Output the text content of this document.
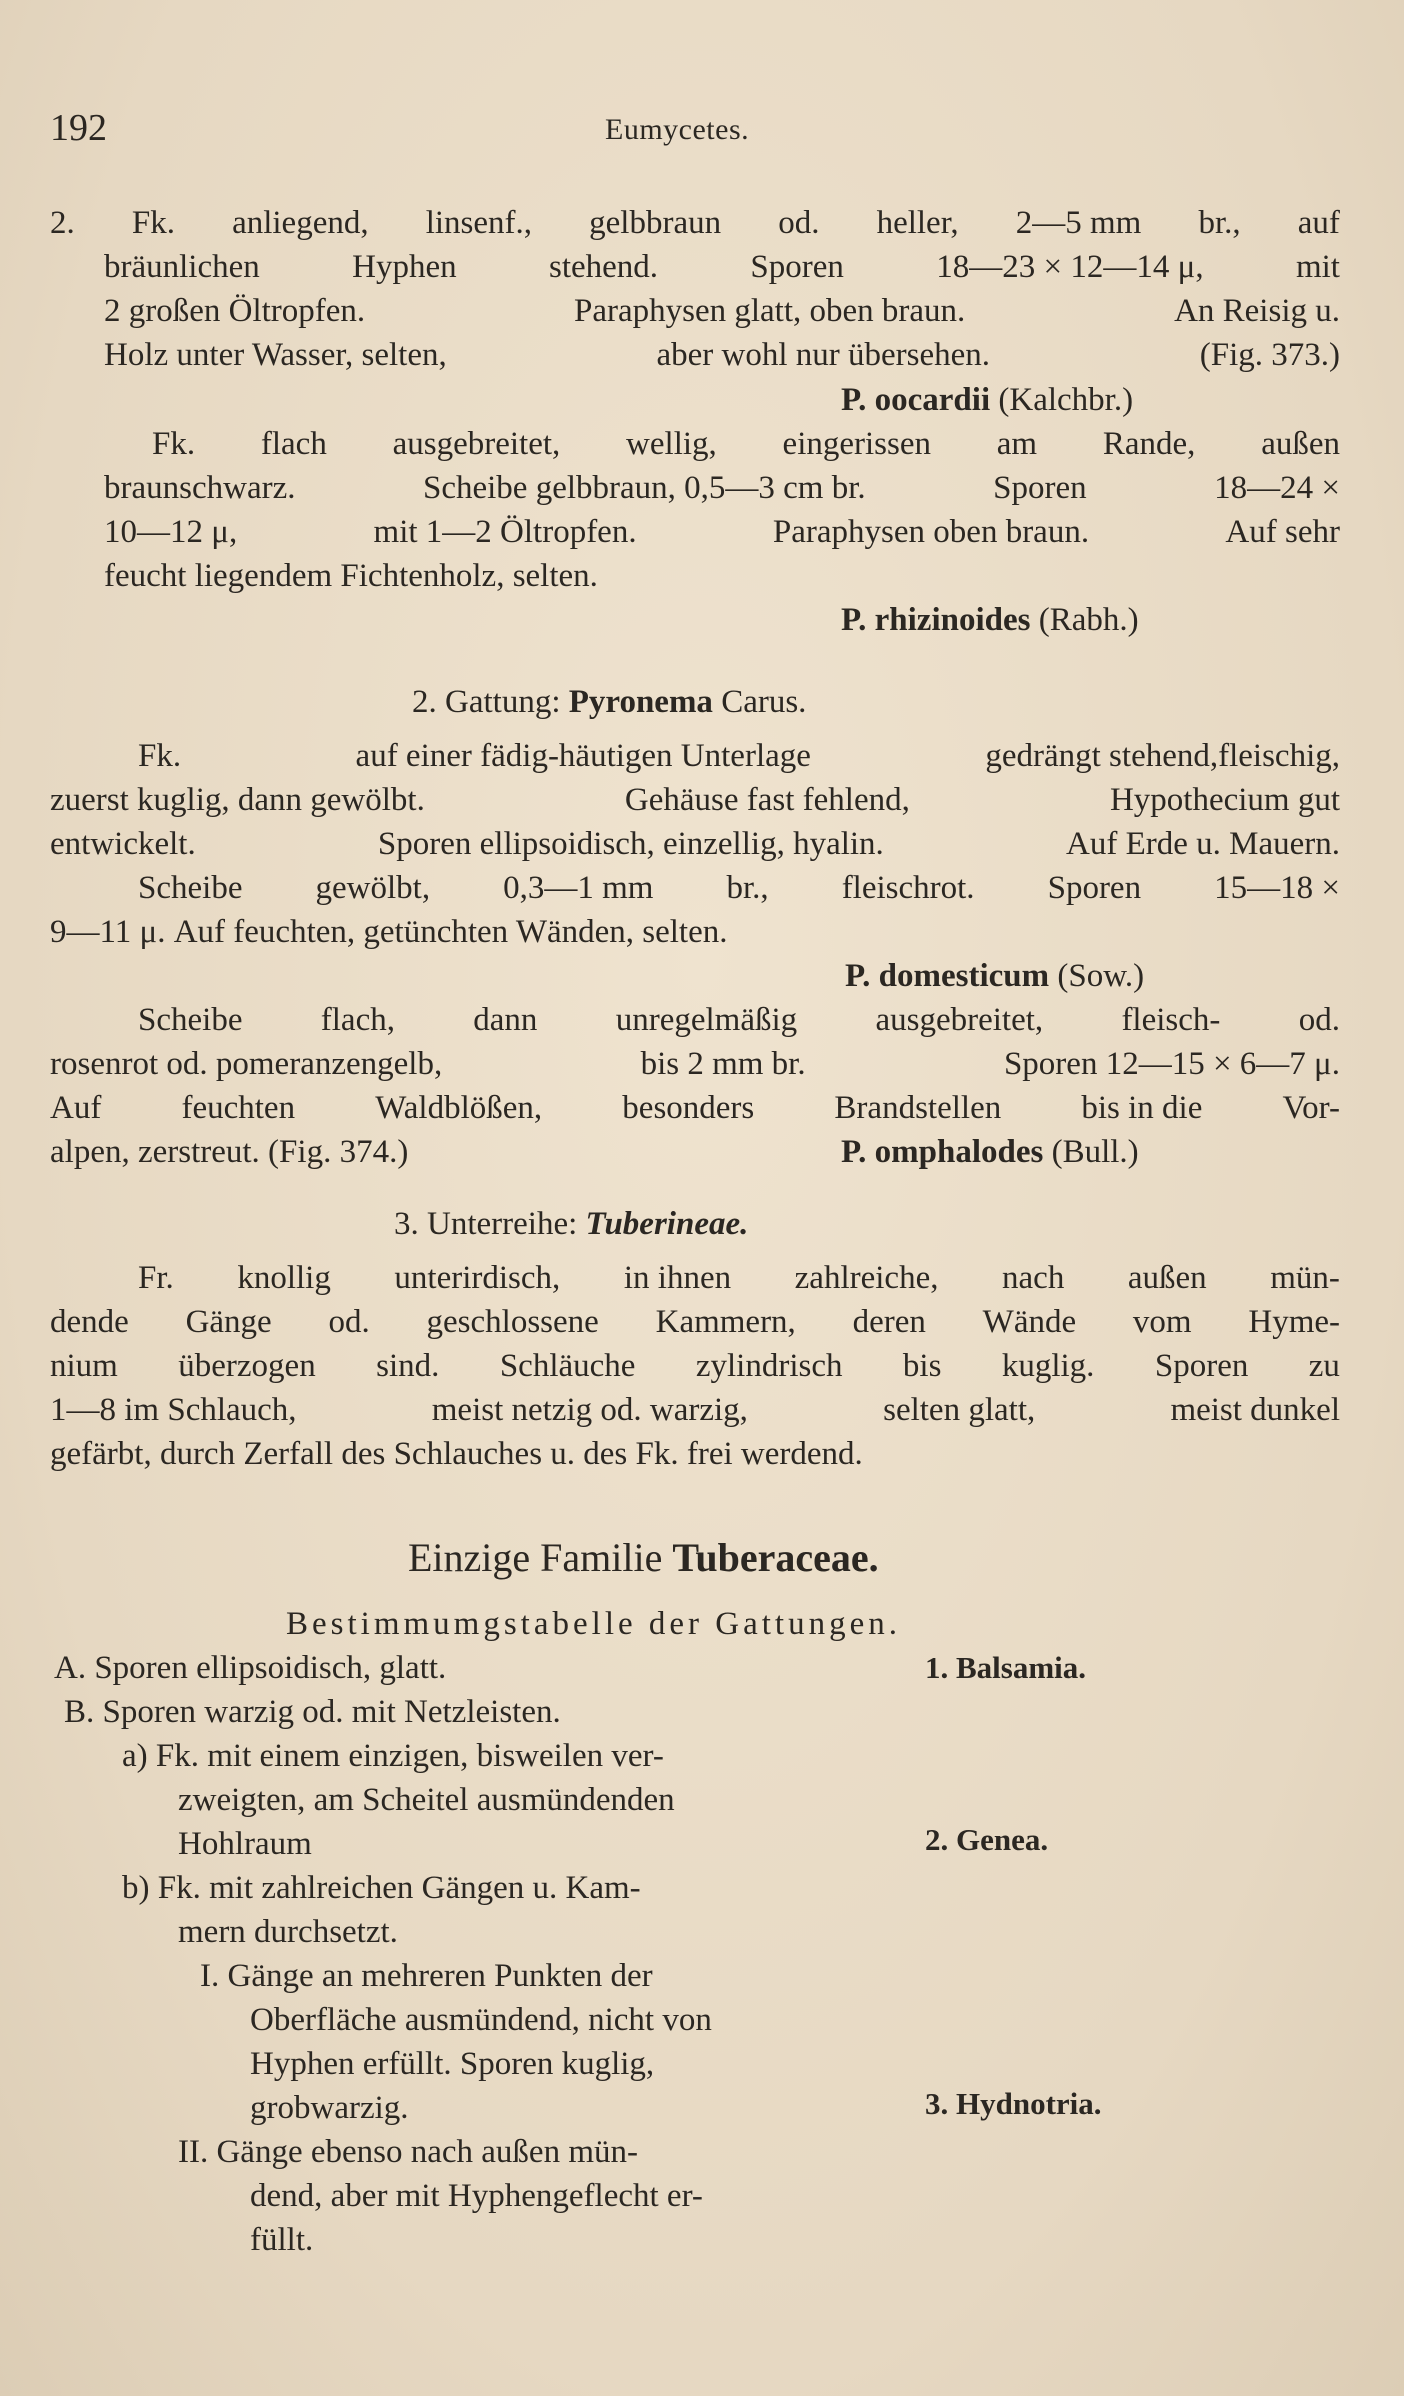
192	Eumycetes.
2. Fk. anliegend, linsenf., gelbbraun od. heller, 2—5 mm br., auf
bräunlichen	Hyphen	stehend.	Sporen	18—23 × 12—14 μ,	mit
2 großen Öltropfen.	Paraphysen glatt, oben braun.	An Reisig u.
Holz unter Wasser, selten,	aber wohl nur übersehen.	(Fig. 373.)
P. oocardii (Kalchbr.)
Fk. flach ausgebreitet, wellig, eingerissen am Rande, außen
braunschwarz.	Scheibe gelbbraun, 0,5—3 cm br.	Sporen	18—24 ×
10—12 μ,	mit 1—2 Öltropfen.	Paraphysen oben braun.	Auf sehr
feucht liegendem Fichtenholz, selten.
P. rhizinoides (Rabh.)
2. Gattung: Pyronema Carus.
Fk.	auf einer fädig-häutigen Unterlage	gedrängt stehend,fleischig,
zuerst kuglig, dann gewölbt.	Gehäuse fast fehlend,	Hypothecium gut
entwickelt.	Sporen ellipsoidisch, einzellig, hyalin.	Auf Erde u. Mauern.
Scheibe gewölbt, 0,3—1 mm br., fleischrot. Sporen 15—18 ×
9—11 μ. Auf feuchten, getünchten Wänden, selten.
P. domesticum (Sow.)
Scheibe flach, dann unregelmäßig ausgebreitet, fleisch- od.
rosenrot od. pomeranzengelb,	bis 2 mm br.	Sporen 12—15 × 6—7 μ.
Auf feuchten Waldblößen, besonders Brandstellen bis in die Vor-
alpen, zerstreut. (Fig. 374.)	P. omphalodes (Bull.)
3. Unterreihe: Tuberineae.
Fr. knollig unterirdisch, in ihnen zahlreiche, nach außen mün-
dende Gänge od. geschlossene Kammern, deren Wände vom Hyme-
nium überzogen sind. Schläuche zylindrisch bis kuglig. Sporen zu
1—8 im Schlauch,	meist netzig od. warzig,	selten glatt,	meist dunkel
gefärbt, durch Zerfall des Schlauches u. des Fk. frei werdend.
Einzige Familie Tuberaceae.
Bestimmumgstabelle der Gattungen.
A. Sporen ellipsoidisch, glatt.	1. Balsamia.
B. Sporen warzig od. mit Netzleisten.
a) Fk. mit einem einzigen, bisweilen ver-
zweigten, am Scheitel ausmündenden
Hohlraum	2. Genea.
b) Fk. mit zahlreichen Gängen u. Kam-
mern durchsetzt.
I. Gänge an mehreren Punkten der
Oberfläche ausmündend, nicht von
Hyphen erfüllt. Sporen kuglig,
grobwarzig.	3. Hydnotria.
II. Gänge ebenso nach außen mün-
dend, aber mit Hyphengeflecht er-
füllt.
